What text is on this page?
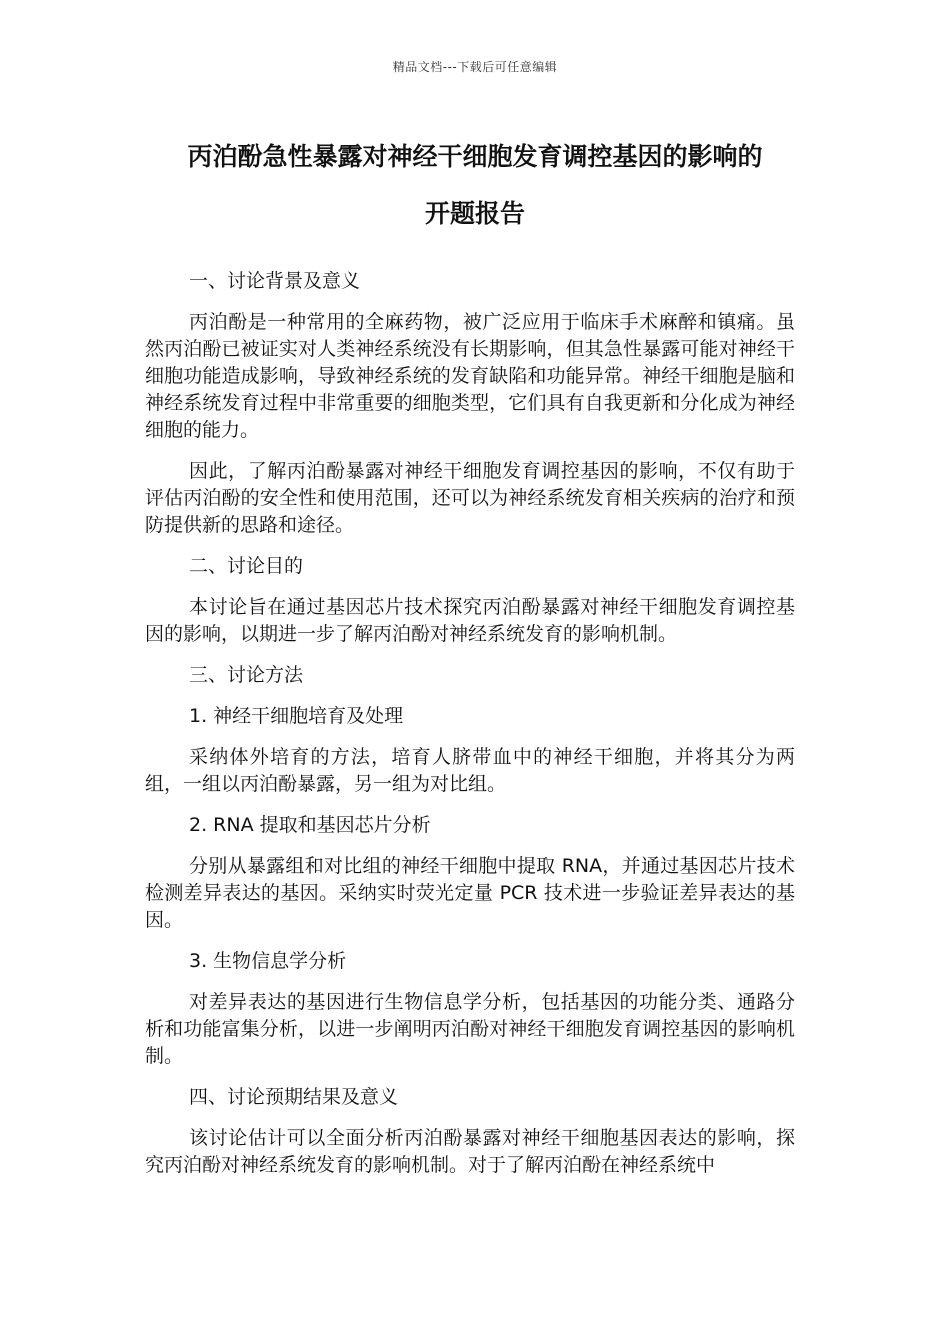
精品文档---下载后可任意编辑
丙泊酚急性暴露对神经干细胞发育调控基因的影响的
开题报告
一、讨论背景及意义

丙泊酚是一种常用的全麻药物，被广泛应用于临床手术麻醉和镇痛。虽然丙泊酚已被证实对人类神经系统没有长期影响，但其急性暴露可能对神经干细胞功能造成影响，导致神经系统的发育缺陷和功能异常。神经干细胞是脑和神经系统发育过程中非常重要的细胞类型，它们具有自我更新和分化成为神经细胞的能力。

因此，了解丙泊酚暴露对神经干细胞发育调控基因的影响，不仅有助于评估丙泊酚的安全性和使用范围，还可以为神经系统发育相关疾病的治疗和预防提供新的思路和途径。

二、讨论目的

本讨论旨在通过基因芯片技术探究丙泊酚暴露对神经干细胞发育调控基因的影响，以期进一步了解丙泊酚对神经系统发育的影响机制。

三、讨论方法
1. 神经干细胞培育及处理

采纳体外培育的方法，培育人脐带血中的神经干细胞，并将其分为两组，一组以丙泊酚暴露，另一组为对比组。

2. RNA 提取和基因芯片分析

分别从暴露组和对比组的神经干细胞中提取 RNA，并通过基因芯片技术检测差异表达的基因。采纳实时荧光定量 PCR 技术进一步验证差异表达的基因。

3. 生物信息学分析

对差异表达的基因进行生物信息学分析，包括基因的功能分类、通路分析和功能富集分析，以进一步阐明丙泊酚对神经干细胞发育调控基因的影响机制。

四、讨论预期结果及意义

该讨论估计可以全面分析丙泊酚暴露对神经干细胞基因表达的影响，探究丙泊酚对神经系统发育的影响机制。对于了解丙泊酚在神经系统中
